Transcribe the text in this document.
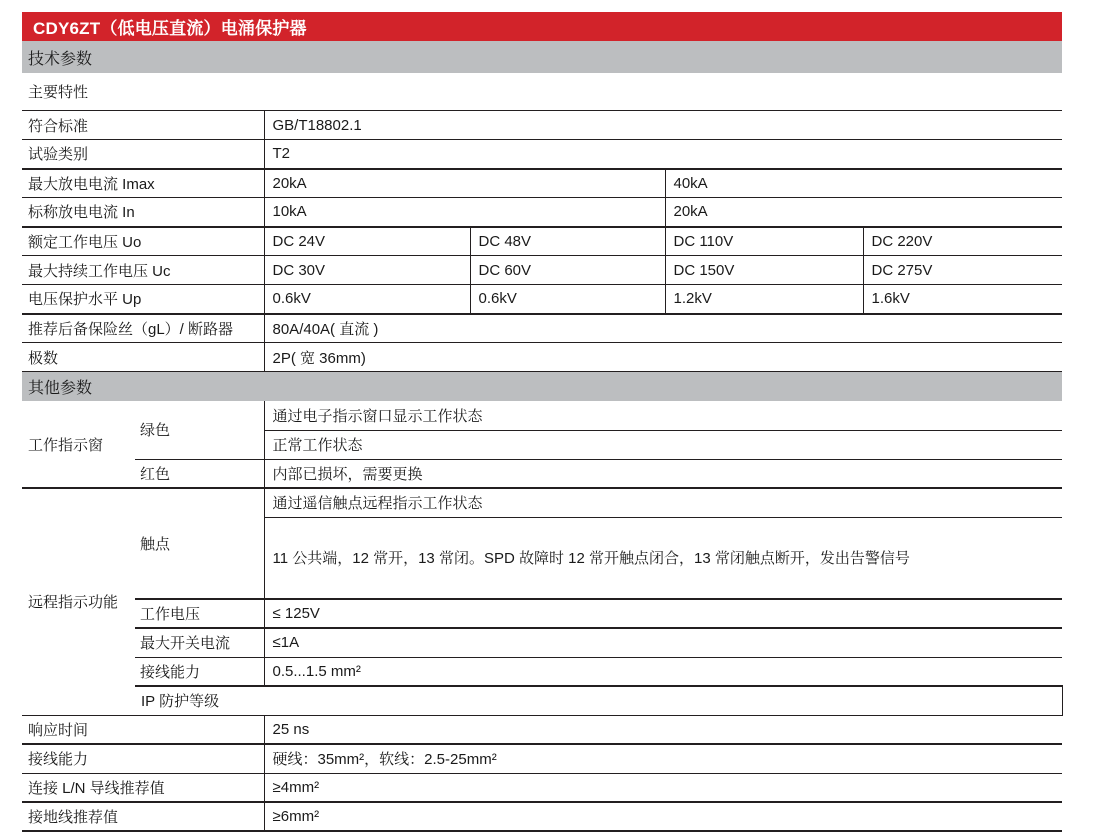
CDY6ZT（低电压直流）电涌保护器
技术参数
主要特性
符合标准	GB/T18802.1			
试验类别	T2			
最大放电电流 Imax	20kA		40kA	
标称放电电流 In	10kA		20kA	
额定工作电压 Uo	DC 24V	DC 48V	DC 110V	DC 220V
最大持续工作电压 Uc	DC 30V	DC 60V	DC 150V	DC 275V
电压保护水平 Up	0.6kV	0.6kV	1.2kV	1.6kV
推荐后备保险丝（gL）/ 断路器	80A/40A( 直流 )			
极数	2P( 宽 36mm)			
其他参数
工作指示窗	绿色	通过电子指示窗口显示工作状态	
		正常工作状态	
	红色	内部已损坏，需要更换	
远程指示功能	触点	通过遥信触点远程指示工作状态	
		11 公共端，12 常开，13 常闭。SPD 故障时 12 常开触点闭合，13 常闭触点断开，发出告警信号	
	工作电压	≤ 125V	
	最大开关电流	≤1A	
	接线能力	0.5...1.5 mm²	
	IP 防护等级	
响应时间		25 ns	
接线能力		硬线：35mm²，软线：2.5-25mm²	
连接 L/N 导线推荐值		≥4mm²	
接地线推荐值		≥6mm²	
